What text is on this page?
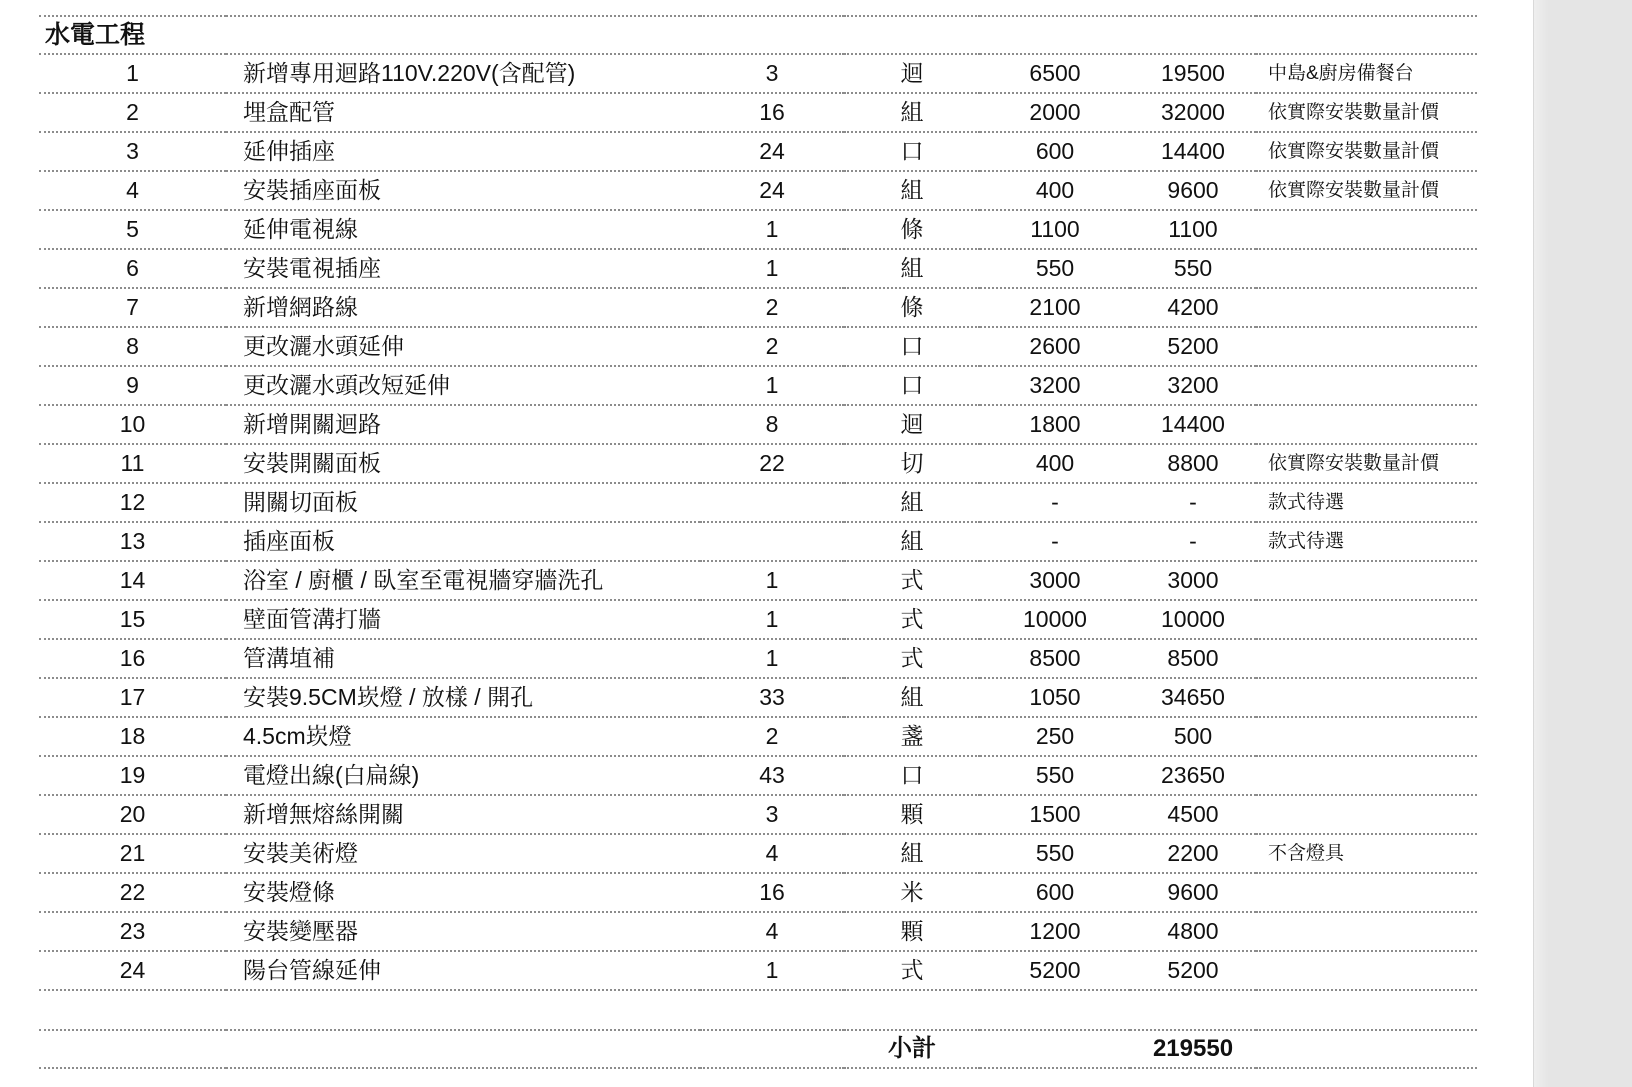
水電工程						
1	新增專用迴路110V.220V(含配管)	3	迴	6500	19500	中島&廚房備餐台
2	埋盒配管	16	組	2000	32000	依實際安裝數量計價
3	延伸插座	24	口	600	14400	依實際安裝數量計價
4	安裝插座面板	24	組	400	9600	依實際安裝數量計價
5	延伸電視線	1	條	1100	1100	
6	安裝電視插座	1	組	550	550	
7	新增網路線	2	條	2100	4200	
8	更改灑水頭延伸	2	口	2600	5200	
9	更改灑水頭改短延伸	1	口	3200	3200	
10	新增開關迴路	8	迴	1800	14400	
11	安裝開關面板	22	切	400	8800	依實際安裝數量計價
12	開關切面板		組	-	-	款式待選
13	插座面板		組	-	-	款式待選
14	浴室 / 廚櫃 / 臥室至電視牆穿牆洗孔	1	式	3000	3000	
15	壁面管溝打牆	1	式	10000	10000	
16	管溝埴補	1	式	8500	8500	
17	安裝9.5CM崁燈 / 放樣 / 開孔	33	組	1050	34650	
18	4.5cm崁燈	2	盞	250	500	
19	電燈出線(白扁線)	43	口	550	23650	
20	新增無熔絲開關	3	顆	1500	4500	
21	安裝美術燈	4	組	550	2200	不含燈具
22	安裝燈條	16	米	600	9600	
23	安裝變壓器	4	顆	1200	4800	
24	陽台管線延伸	1	式	5200	5200	

			小計		219550	
